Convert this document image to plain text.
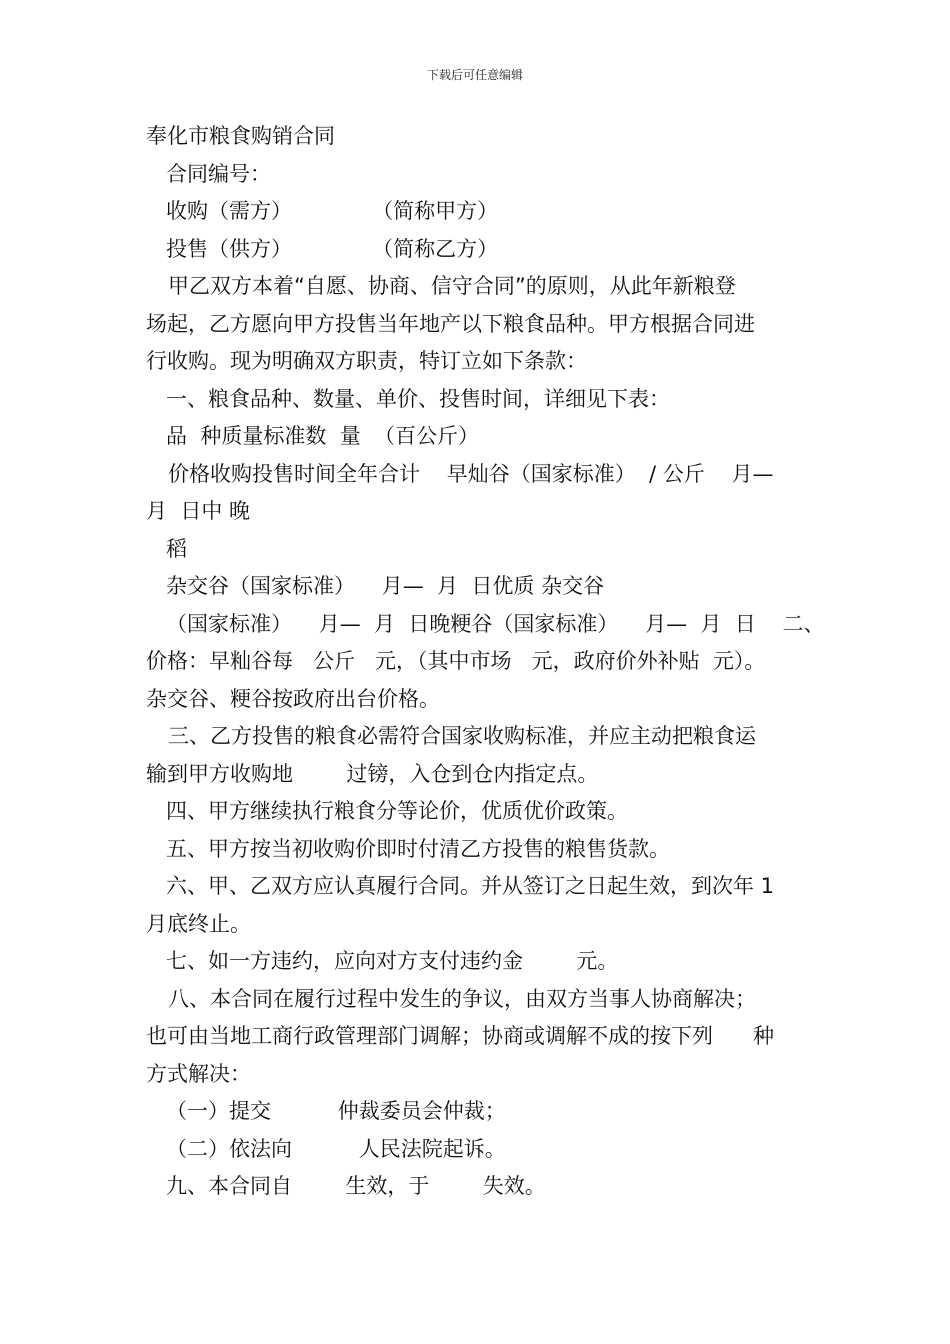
下载后可任意编辑
奉化市粮食购销合同
合同编号：
收购（需方）            （简称甲方）
投售（供方）            （简称乙方）
甲乙双方本着“自愿、协商、信守合同”的原则，从此年新粮登
场起，乙方愿向甲方投售当年地产以下粮食品种。甲方根据合同进
行收购。现为明确双方职责，特订立如下条款：
一、粮食品种、数量、单价、投售时间，详细见下表：
品  种质量标准数  量  （百公斤）
价格收购投售时间全年合计    早灿谷（国家标准）  / 公斤    月—
月  日中 晚
稻
杂交谷（国家标准）    月—  月  日优质 杂交谷
（国家标准）    月—  月  日晚粳谷（国家标准）    月—  月  日    二、
价格：早籼谷每   公斤   元，（其中市场   元，政府价外补贴  元）。
杂交谷、粳谷按政府出台价格。
三、乙方投售的粮食必需符合国家收购标准，并应主动把粮食运
输到甲方收购地        过镑，入仓到仓内指定点。
四、甲方继续执行粮食分等论价，优质优价政策。
五、甲方按当初收购价即时付清乙方投售的粮售货款。
六、甲、乙双方应认真履行合同。并从签订之日起生效，到次年 1
月底终止。
七、如一方违约，应向对方支付违约金        元。
八、本合同在履行过程中发生的争议，由双方当事人协商解决；
也可由当地工商行政管理部门调解；协商或调解不成的按下列      种
方式解决：
（一）提交          仲裁委员会仲裁；
（二）依法向          人民法院起诉。
九、本合同自        生效，于        失效。
